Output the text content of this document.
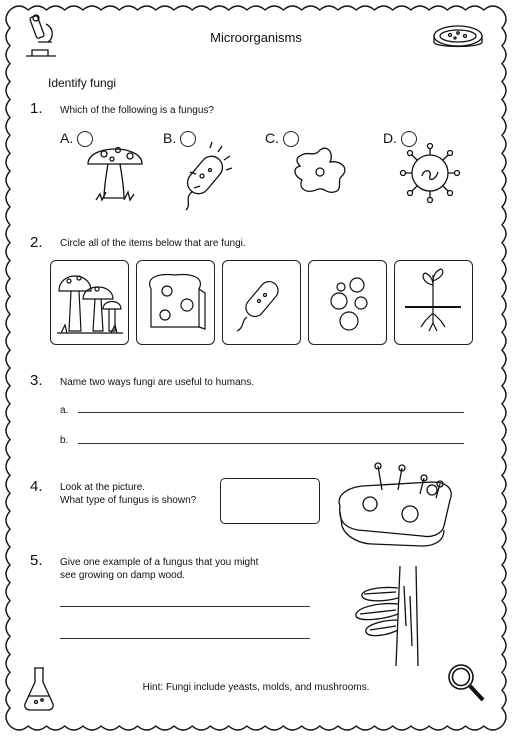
Microorganisms
Identify fungi
1. Which of the following is a fungus?
A.	B.	C.	D.
2. Circle all of the items below that are fungi.
3. Name two ways fungi are useful to humans.
a.
b.
4. Look at the picture.
What type of fungus is shown?
5. Give one example of a fungus that you might
see growing on damp wood.
Hint: Fungi include yeasts, molds, and mushrooms.
